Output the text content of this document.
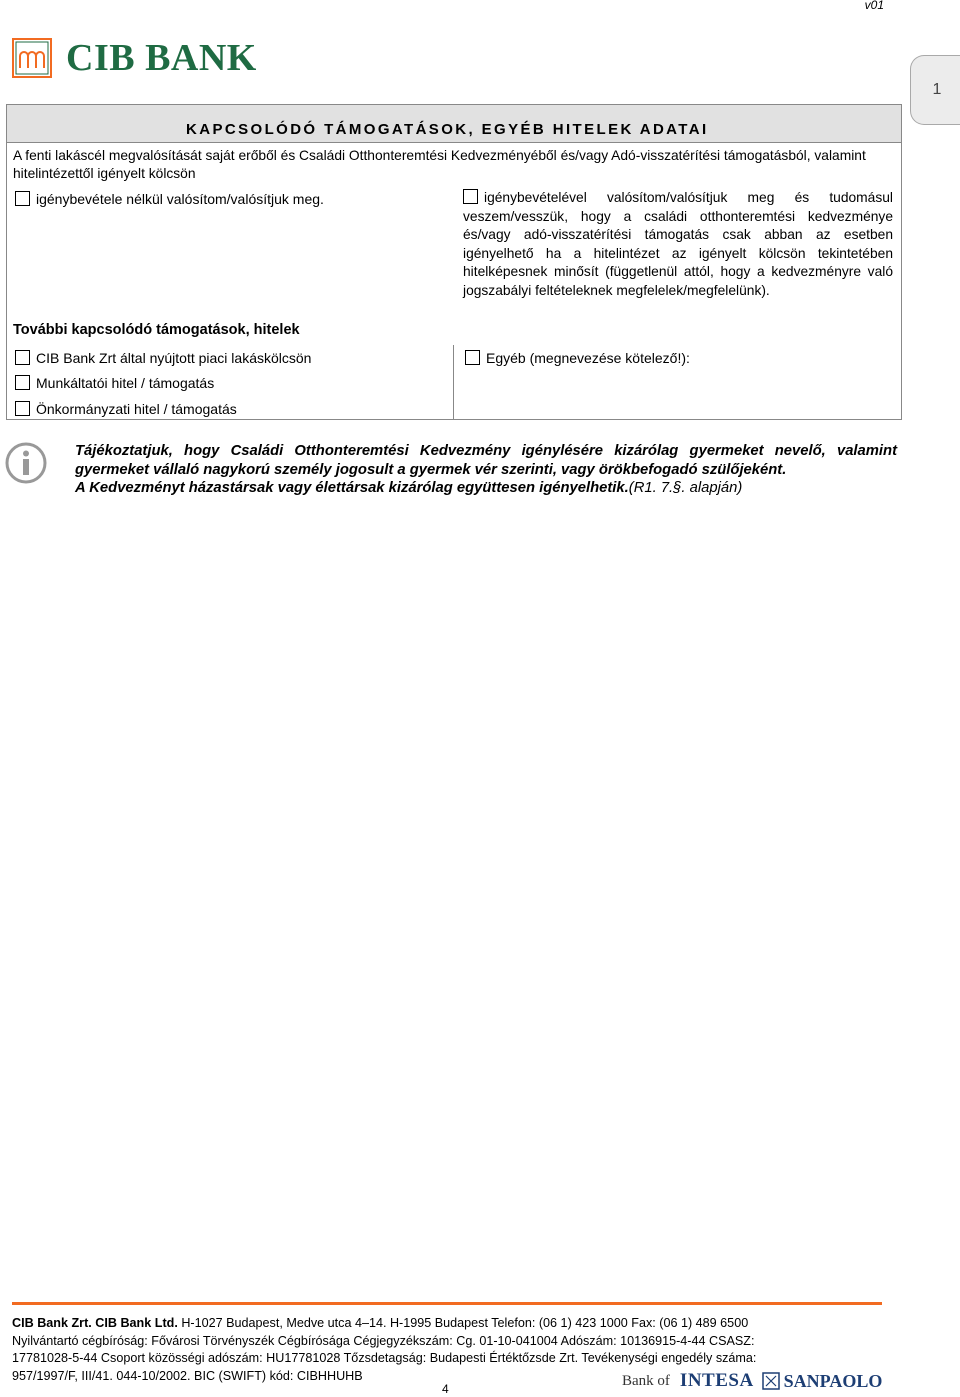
v01
CIB BANK
1
KAPCSOLÓDÓ TÁMOGATÁSOK, EGYÉB HITELEK ADATAI
A fenti lakáscél megvalósítását saját erőből és Családi Otthonteremtési Kedvezményéből és/vagy Adó-visszatérítési támogatásból, valamint hitelintézettől igényelt kölcsön
igénybevétele nélkül valósítom/valósítjuk meg.	igénybevételével valósítom/valósítjuk meg és tudomásul veszem/vesszük, hogy a családi otthonteremtési kedvezménye és/vagy adó-visszatérítési támogatás csak abban az esetben igényelhető ha a hitelintézet az igényelt kölcsön tekintetében hitelképesnek minősít (függetlenül attól, hogy a kedvezményre való jogszabályi feltételeknek megfelelek/megfelelünk).
További kapcsolódó támogatások, hitelek
CIB Bank Zrt által nyújtott piaci lakáskölcsön
Munkáltatói hitel / támogatás
Önkormányzati hitel / támogatás
Egyéb (megnevezése kötelező!):
Tájékoztatjuk, hogy Családi Otthonteremtési Kedvezmény igénylésére kizárólag gyermeket nevelő, valamint gyermeket vállaló nagykorú személy jogosult a gyermek vér szerinti, vagy örökbefogadó szülőjeként.
A Kedvezményt házastársak vagy élettársak kizárólag együttesen igényelhetik.(R1. 7.§. alapján)
CIB Bank Zrt. CIB Bank Ltd. H-1027 Budapest, Medve utca 4–14. H-1995 Budapest Telefon: (06 1) 423 1000 Fax: (06 1) 489 6500
Nyilvántartó cégbíróság: Fővárosi Törvényszék Cégbírósága Cégjegyzékszám: Cg. 01-10-041004 Adószám: 10136915-4-44 CSASZ:
17781028-5-44 Csoport közösségi adószám: HU17781028 Tőzsdetagság: Budapesti Értéktőzsde Zrt. Tevékenységi engedély száma:
957/1997/F, III/41. 044-10/2002. BIC (SWIFT) kód: CIBHHUHB
4
Bank of INTESA SANPAOLO
